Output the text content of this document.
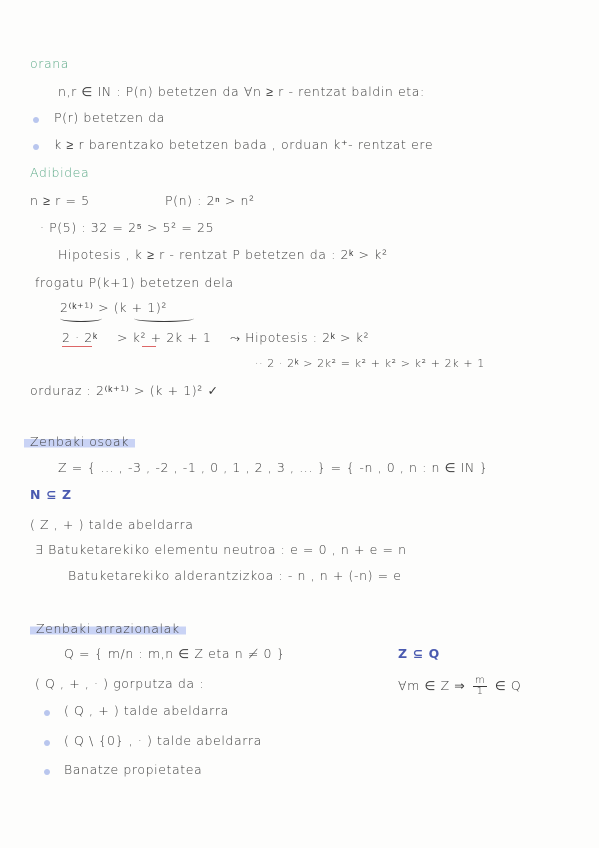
orana
n,r ∈ IN : P(n) betetzen da ∀n ≥ r - rentzat baldin eta:
P(r) betetzen da
k ≥ r barentzako betetzen bada , orduan k⁺- rentzat ere
Adibidea
n ≥ r = 5	P(n) : 2ⁿ > n²
· P(5) : 32 = 2⁵ > 5² = 25
Hipotesis , k ≥ r - rentzat P betetzen da : 2ᵏ > k²
frogatu P(k+1) betetzen dela
2⁽ᵏ⁺¹⁾ > (k + 1)²
2 · 2ᵏ > k² + 2k + 1 ⤳ Hipotesis : 2ᵏ > k²
·· 2 · 2ᵏ > 2k² = k² + k² > k² + 2k + 1
orduraz : 2⁽ᵏ⁺¹⁾ > (k + 1)² ✓
Zenbaki osoak
Z = { ... , -3 , -2 , -1 , 0 , 1 , 2 , 3 , ... } = { -n , 0 , n : n ∈ IN }
N ⊆ Z
( Z , + ) talde abeldarra
∃ Batuketarekiko elementu neutroa : e = 0 , n + e = n
Batuketarekiko alderantzizkoa : - n , n + (-n) = e
Zenbaki arrazionalak
Q = { m/n : m,n ∈ Z eta n ≠ 0 }	Z ⊆ Q
( Q , + , · ) gorputza da :	∀m ∈ Z ⇒ $\frac{m}{1}$ ∈ Q
( Q , + ) talde abeldarra
( Q \ {0} , · ) talde abeldarra
Banatze propietatea
